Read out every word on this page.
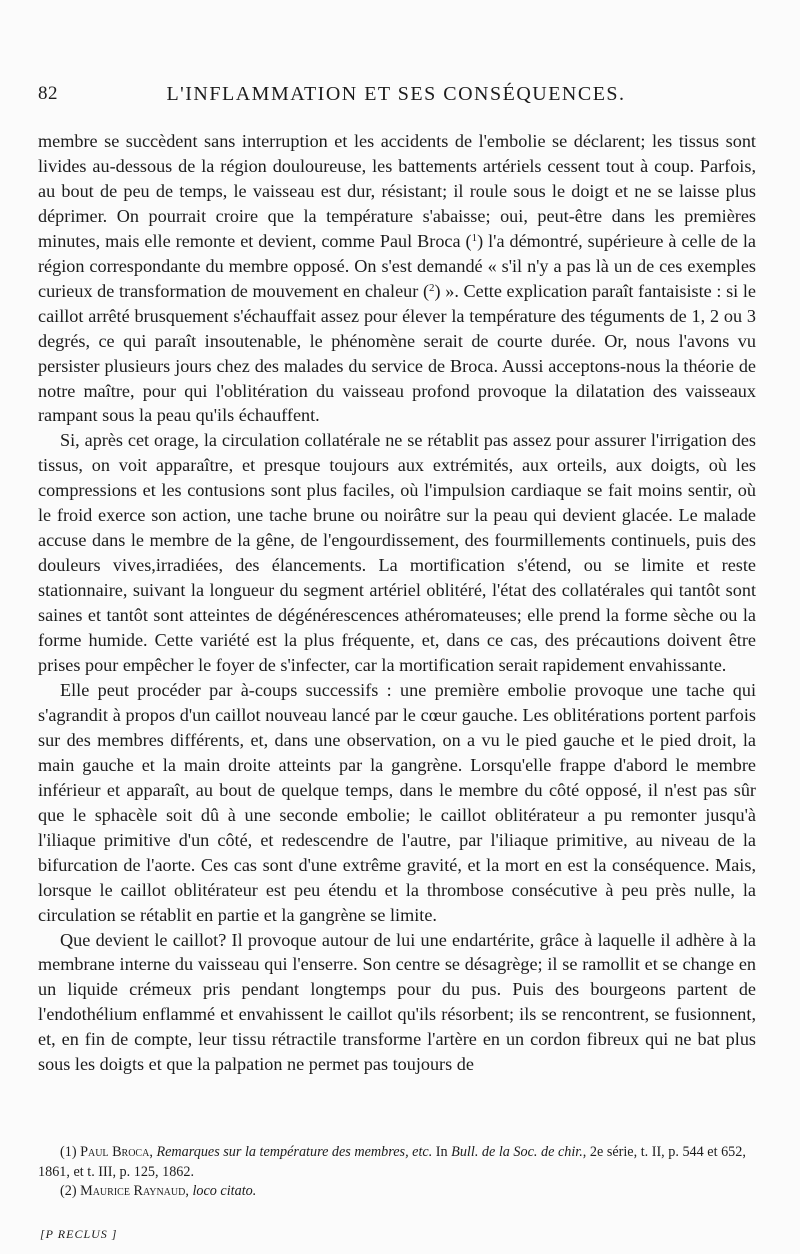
82	L'INFLAMMATION ET SES CONSÉQUENCES.

membre se succèdent sans interruption et les accidents de l'embolie se déclarent; les tissus sont livides au-dessous de la région douloureuse, les battements artériels cessent tout à coup. Parfois, au bout de peu de temps, le vaisseau est dur, résistant; il roule sous le doigt et ne se laisse plus déprimer. On pourrait croire que la température s'abaisse; oui, peut-être dans les premières minutes, mais elle remonte et devient, comme Paul Broca ($^1$) l'a démontré, supérieure à celle de la région correspondante du membre opposé. On s'est demandé « s'il n'y a pas là un de ces exemples curieux de transformation de mouvement en chaleur ($^2$) ». Cette explication paraît fantaisiste : si le caillot arrêté brusquement s'échauffait assez pour élever la température des téguments de 1, 2 ou 3 degrés, ce qui paraît insoutenable, le phénomène serait de courte durée. Or, nous l'avons vu persister plusieurs jours chez des malades du service de Broca. Aussi acceptons-nous la théorie de notre maître, pour qui l'oblitération du vaisseau profond provoque la dilatation des vaisseaux rampant sous la peau qu'ils échauffent.

Si, après cet orage, la circulation collatérale ne se rétablit pas assez pour assurer l'irrigation des tissus, on voit apparaître, et presque toujours aux extrémités, aux orteils, aux doigts, où les compressions et les contusions sont plus faciles, où l'impulsion cardiaque se fait moins sentir, où le froid exerce son action, une tache brune ou noirâtre sur la peau qui devient glacée. Le malade accuse dans le membre de la gêne, de l'engourdissement, des fourmillements continuels, puis des douleurs vives,irradiées, des élancements. La mortification s'étend, ou se limite et reste stationnaire, suivant la longueur du segment artériel oblitéré, l'état des collatérales qui tantôt sont saines et tantôt sont atteintes de dégénérescences athéromateuses; elle prend la forme sèche ou la forme humide. Cette variété est la plus fréquente, et, dans ce cas, des précautions doivent être prises pour empêcher le foyer de s'infecter, car la mortification serait rapidement envahissante.

Elle peut procéder par à-coups successifs : une première embolie provoque une tache qui s'agrandit à propos d'un caillot nouveau lancé par le cœur gauche. Les oblitérations portent parfois sur des membres différents, et, dans une observation, on a vu le pied gauche et le pied droit, la main gauche et la main droite atteints par la gangrène. Lorsqu'elle frappe d'abord le membre inférieur et apparaît, au bout de quelque temps, dans le membre du côté opposé, il n'est pas sûr que le sphacèle soit dû à une seconde embolie; le caillot oblitérateur a pu remonter jusqu'à l'iliaque primitive d'un côté, et redescendre de l'autre, par l'iliaque primitive, au niveau de la bifurcation de l'aorte. Ces cas sont d'une extrême gravité, et la mort en est la conséquence. Mais, lorsque le caillot oblitérateur est peu étendu et la thrombose consécutive à peu près nulle, la circulation se rétablit en partie et la gangrène se limite.

Que devient le caillot? Il provoque autour de lui une endartérite, grâce à laquelle il adhère à la membrane interne du vaisseau qui l'enserre. Son centre se désagrège; il se ramollit et se change en un liquide crémeux pris pendant longtemps pour du pus. Puis des bourgeons partent de l'endothélium enflammé et envahissent le caillot qu'ils résorbent; ils se rencontrent, se fusionnent, et, en fin de compte, leur tissu rétractile transforme l'artère en un cordon fibreux qui ne bat plus sous les doigts et que la palpation ne permet pas toujours de

(1) Paul Broca, Remarques sur la température des membres, etc. In Bull. de la Soc. de chir., 2e série, t. II, p. 544 et 652, 1861, et t. III, p. 125, 1862.

(2) Maurice Raynaud, loco citato.

[P RECLUS ]
